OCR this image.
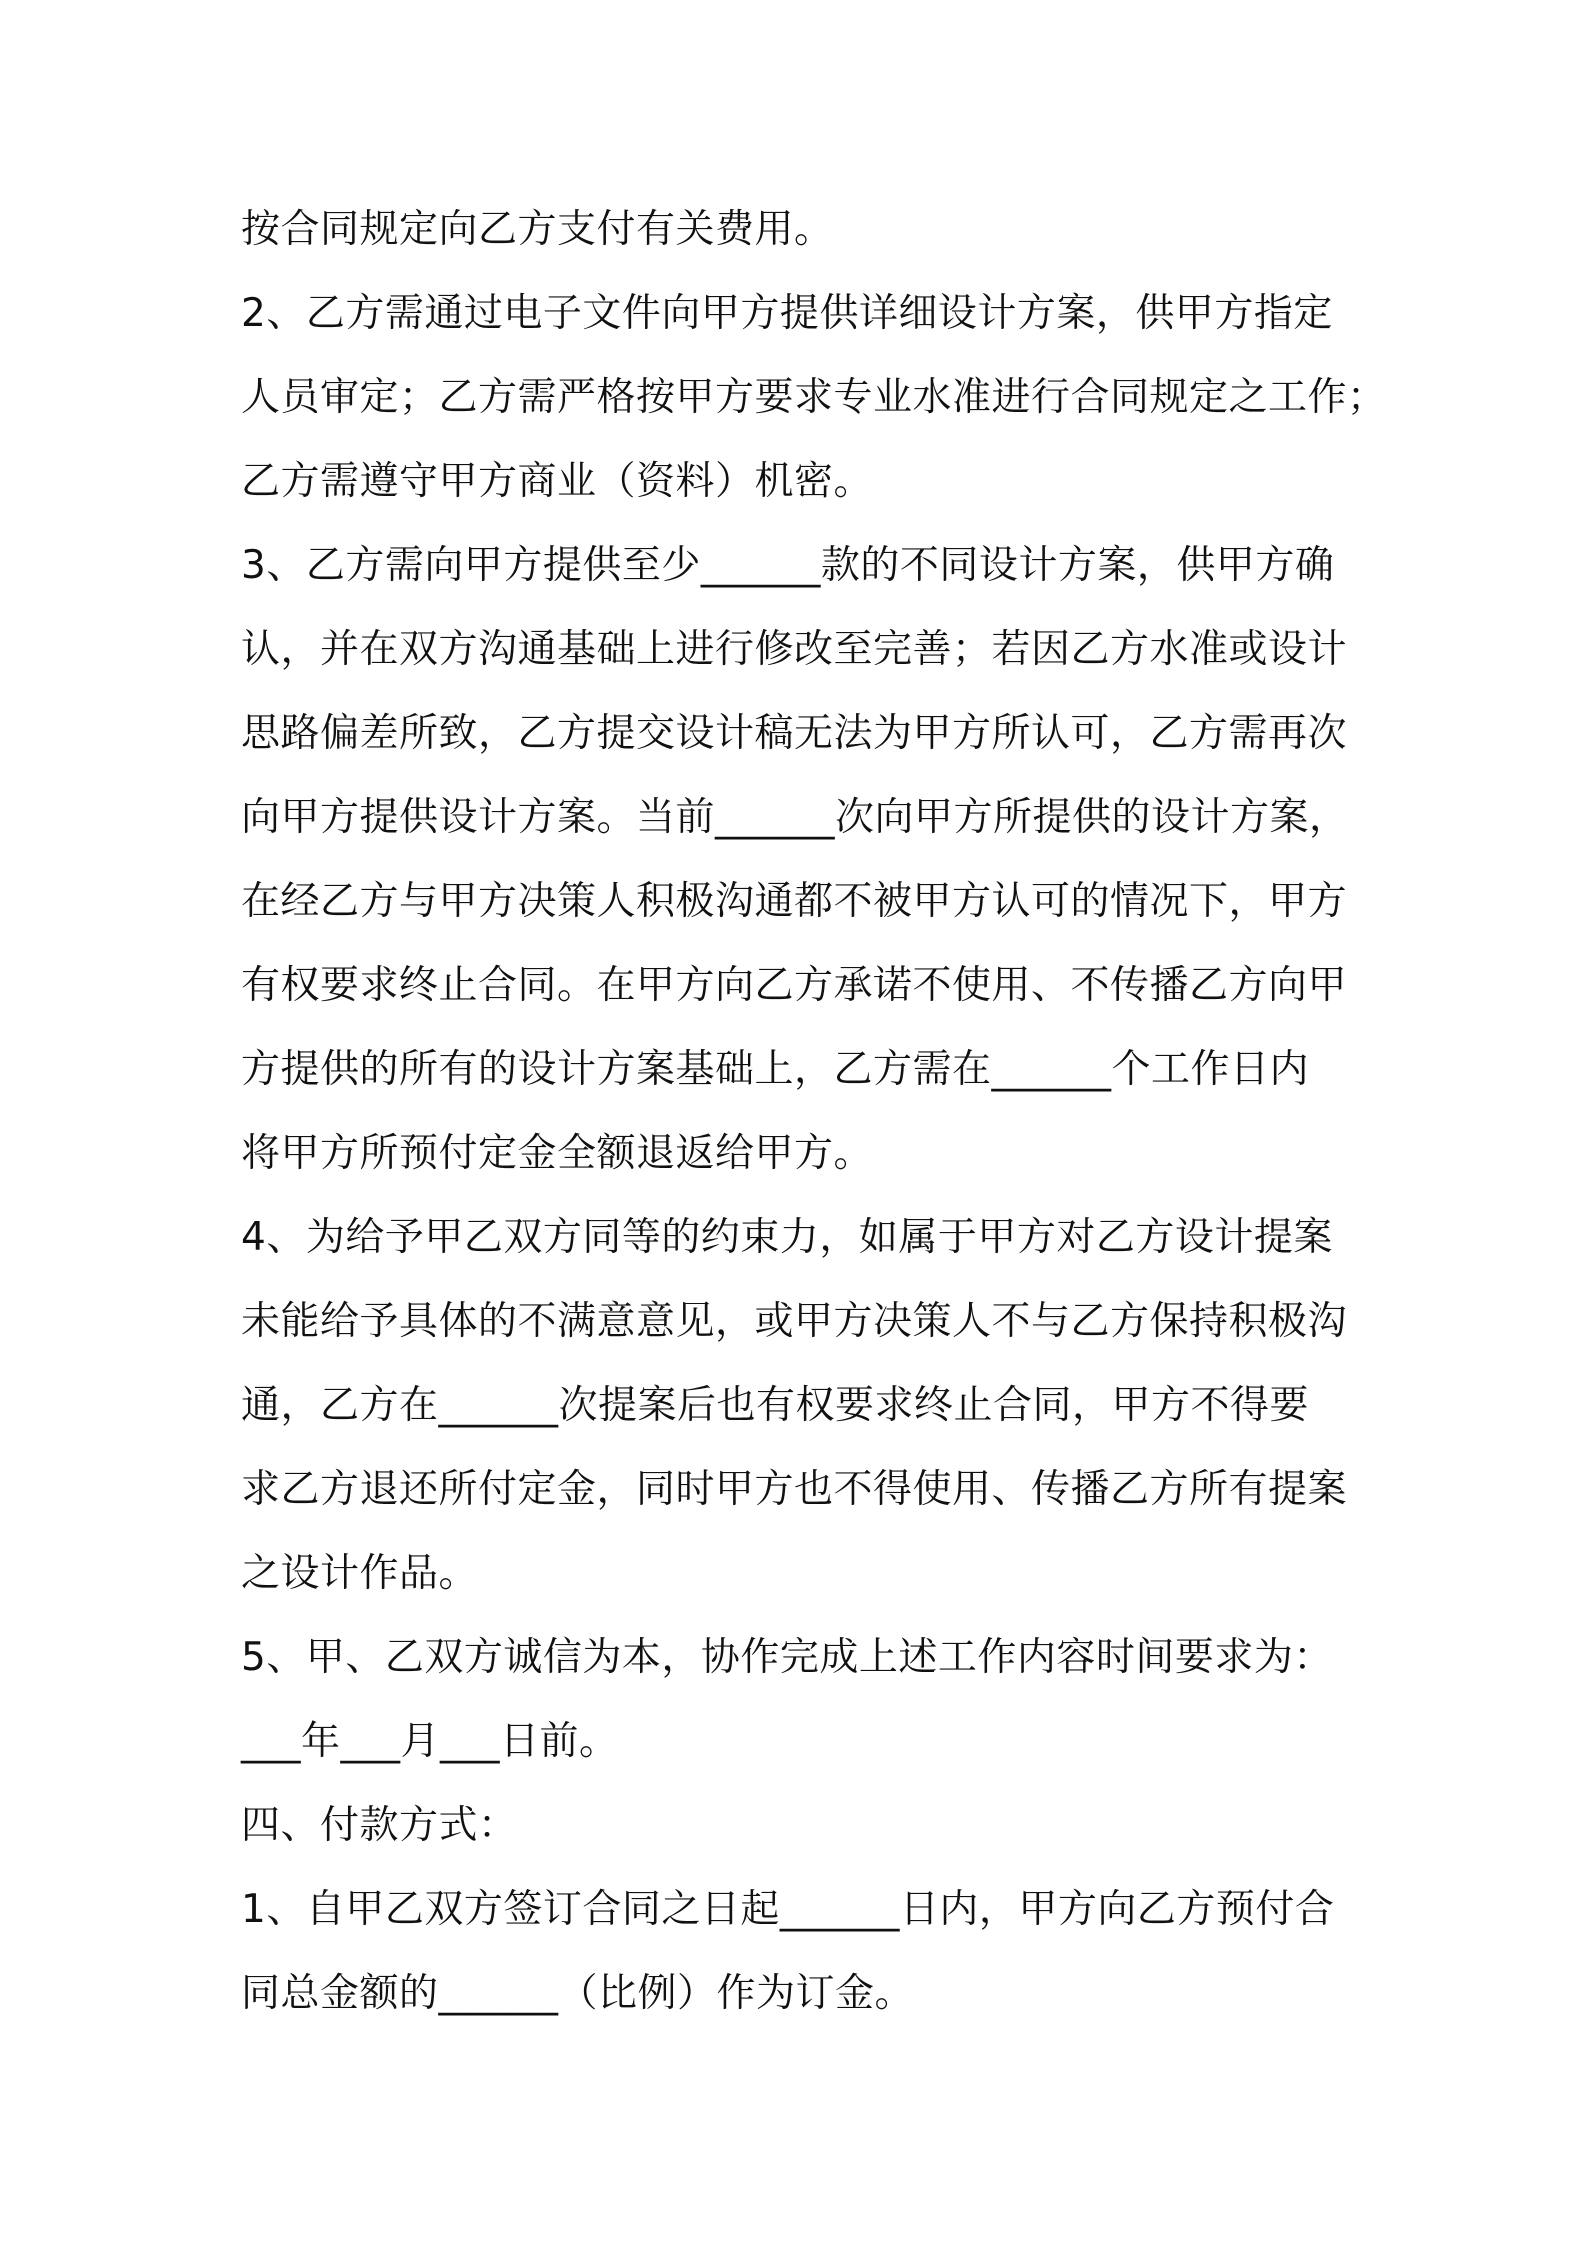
按合同规定向乙方支付有关费用。
2、乙方需通过电子文件向甲方提供详细设计方案，供甲方指定
人员审定；乙方需严格按甲方要求专业水准进行合同规定之工作；
乙方需遵守甲方商业（资料）机密。
3、乙方需向甲方提供至少______款的不同设计方案，供甲方确
认，并在双方沟通基础上进行修改至完善；若因乙方水准或设计
思路偏差所致，乙方提交设计稿无法为甲方所认可，乙方需再次
向甲方提供设计方案。当前______次向甲方所提供的设计方案，
在经乙方与甲方决策人积极沟通都不被甲方认可的情况下，甲方
有权要求终止合同。在甲方向乙方承诺不使用、不传播乙方向甲
方提供的所有的设计方案基础上，乙方需在______个工作日内
将甲方所预付定金全额退返给甲方。
4、为给予甲乙双方同等的约束力，如属于甲方对乙方设计提案
未能给予具体的不满意意见，或甲方决策人不与乙方保持积极沟
通，乙方在______次提案后也有权要求终止合同，甲方不得要
求乙方退还所付定金，同时甲方也不得使用、传播乙方所有提案
之设计作品。
5、甲、乙双方诚信为本，协作完成上述工作内容时间要求为：
___年___月___日前。
四、付款方式：
1、自甲乙双方签订合同之日起______日内，甲方向乙方预付合
同总金额的______（比例）作为订金。
